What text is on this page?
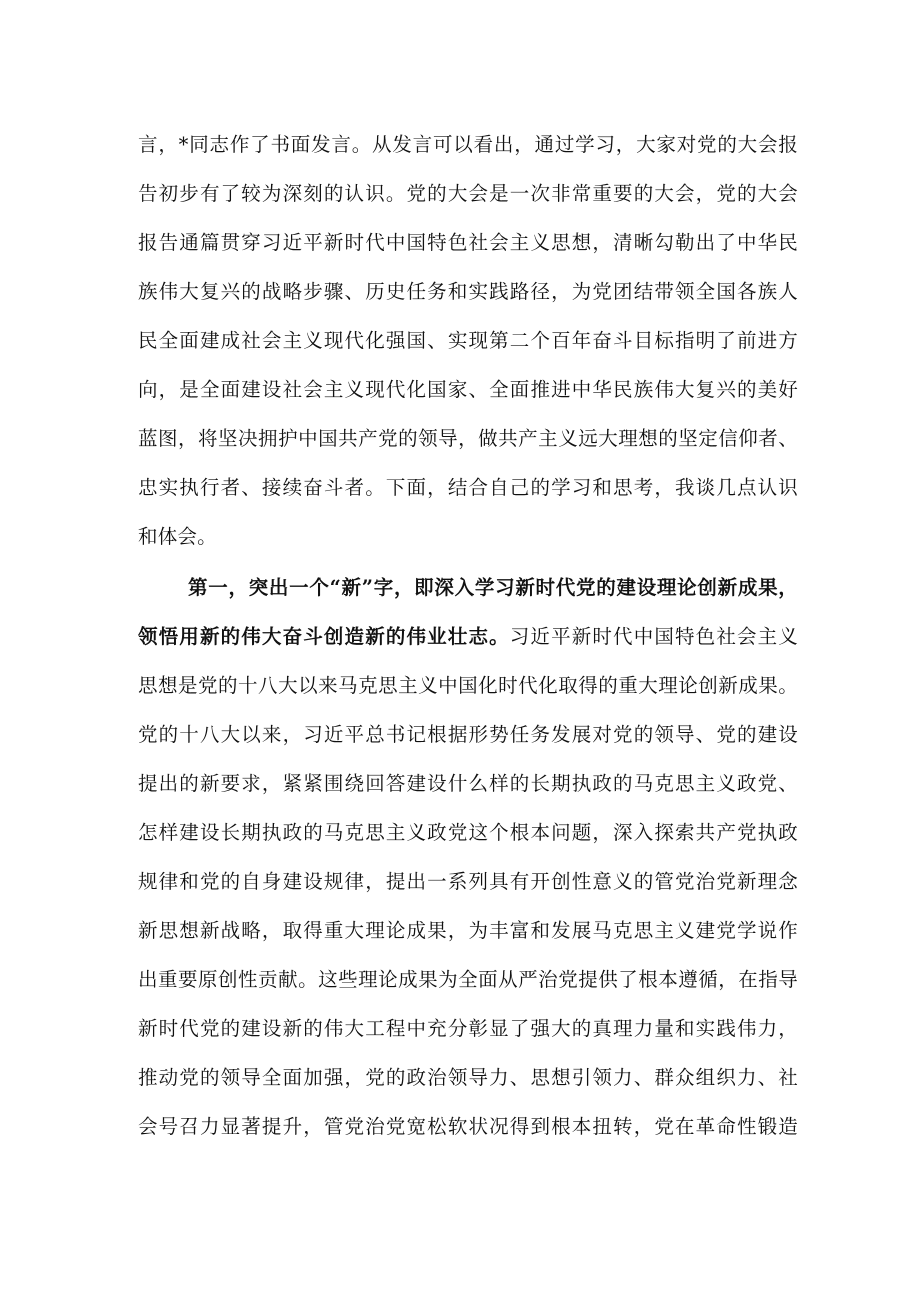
言，*同志作了书面发言。从发言可以看出，通过学习，大家对党的大会报
告初步有了较为深刻的认识。党的大会是一次非常重要的大会，党的大会
报告通篇贯穿习近平新时代中国特色社会主义思想，清晰勾勒出了中华民
族伟大复兴的战略步骤、历史任务和实践路径，为党团结带领全国各族人
民全面建成社会主义现代化强国、实现第二个百年奋斗目标指明了前进方
向，是全面建设社会主义现代化国家、全面推进中华民族伟大复兴的美好
蓝图，将坚决拥护中国共产党的领导，做共产主义远大理想的坚定信仰者、
忠实执行者、接续奋斗者。下面，结合自己的学习和思考，我谈几点认识
和体会。
第一，突出一个“新”字，即深入学习新时代党的建设理论创新成果，
领悟用新的伟大奋斗创造新的伟业壮志。习近平新时代中国特色社会主义
思想是党的十八大以来马克思主义中国化时代化取得的重大理论创新成果。
党的十八大以来，习近平总书记根据形势任务发展对党的领导、党的建设
提出的新要求，紧紧围绕回答建设什么样的长期执政的马克思主义政党、
怎样建设长期执政的马克思主义政党这个根本问题，深入探索共产党执政
规律和党的自身建设规律，提出一系列具有开创性意义的管党治党新理念
新思想新战略，取得重大理论成果，为丰富和发展马克思主义建党学说作
出重要原创性贡献。这些理论成果为全面从严治党提供了根本遵循，在指导
新时代党的建设新的伟大工程中充分彰显了强大的真理力量和实践伟力，
推动党的领导全面加强，党的政治领导力、思想引领力、群众组织力、社
会号召力显著提升，管党治党宽松软状况得到根本扭转，党在革命性锻造
